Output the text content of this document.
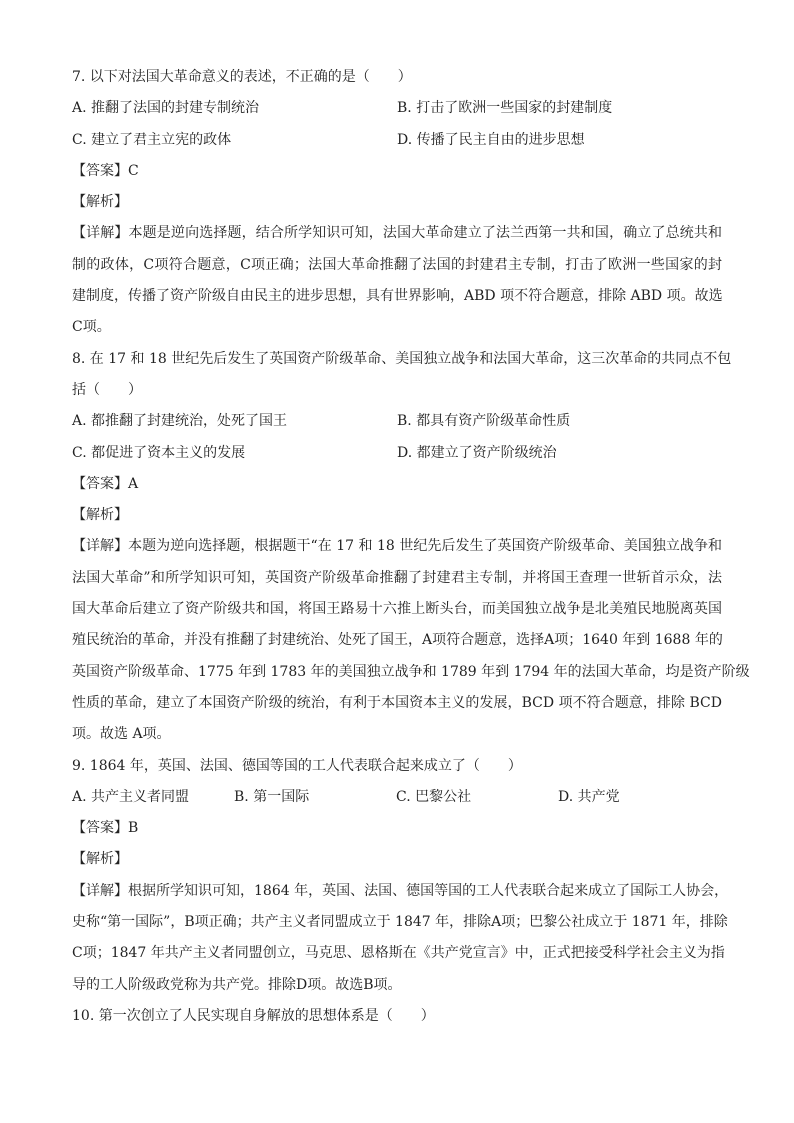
7. 以下对法国大革命意义的表述，不正确的是（　　）
A. 推翻了法国的封建专制统治	B. 打击了欧洲一些国家的封建制度
C. 建立了君主立宪的政体	D. 传播了民主自由的进步思想
【答案】C
【解析】
【详解】本题是逆向选择题，结合所学知识可知，法国大革命建立了法兰西第一共和国，确立了总统共和
制的政体，C项符合题意，C项正确；法国大革命推翻了法国的封建君主专制，打击了欧洲一些国家的封
建制度，传播了资产阶级自由民主的进步思想，具有世界影响，ABD 项不符合题意，排除 ABD 项。故选
C项。
8. 在 17 和 18 世纪先后发生了英国资产阶级革命、美国独立战争和法国大革命，这三次革命的共同点不包
括（　　）
A. 都推翻了封建统治，处死了国王	B. 都具有资产阶级革命性质
C. 都促进了资本主义的发展	D. 都建立了资产阶级统治
【答案】A
【解析】
【详解】本题为逆向选择题，根据题干“在 17 和 18 世纪先后发生了英国资产阶级革命、美国独立战争和
法国大革命”和所学知识可知，英国资产阶级革命推翻了封建君主专制，并将国王查理一世斩首示众，法
国大革命后建立了资产阶级共和国，将国王路易十六推上断头台，而美国独立战争是北美殖民地脱离英国
殖民统治的革命，并没有推翻了封建统治、处死了国王，A项符合题意，选择A项；1640 年到 1688 年的
英国资产阶级革命、1775 年到 1783 年的美国独立战争和 1789 年到 1794 年的法国大革命，均是资产阶级
性质的革命，建立了本国资产阶级的统治，有利于本国资本主义的发展，BCD 项不符合题意，排除 BCD
项。故选 A项。
9. 1864 年，英国、法国、德国等国的工人代表联合起来成立了（　　）
A. 共产主义者同盟	B. 第一国际	C. 巴黎公社	D. 共产党
【答案】B
【解析】
【详解】根据所学知识可知，1864 年，英国、法国、德国等国的工人代表联合起来成立了国际工人协会，
史称“第一国际”，B项正确；共产主义者同盟成立于 1847 年，排除A项；巴黎公社成立于 1871 年，排除
C项；1847 年共产主义者同盟创立，马克思、恩格斯在《共产党宣言》中，正式把接受科学社会主义为指
导的工人阶级政党称为共产党。排除D项。故选B项。
10. 第一次创立了人民实现自身解放的思想体系是（　　）
